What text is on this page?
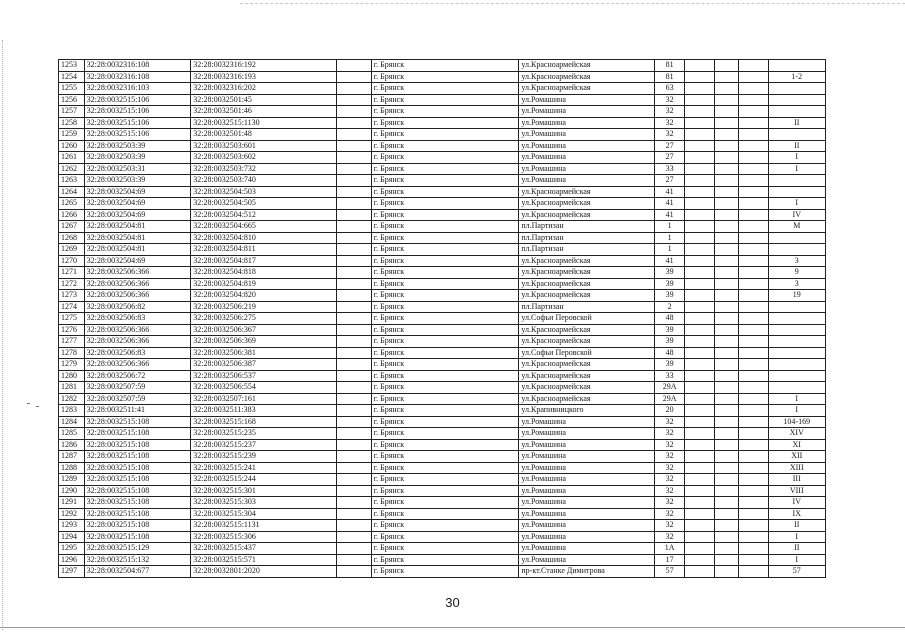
1253	32:28:0032316:108	32:28:0032316:192		г. Брянск	ул.Красноармейская	81				
1254	32:28:0032316:108	32:28:0032316:193		г. Брянск	ул.Красноармейская	81				1-2
1255	32:28:0032316:103	32:28:0032316:202		г. Брянск	ул.Красноармейская	63				
1256	32:28:0032515:106	32:28:0032501:45		г. Брянск	ул.Ромашина	32				
1257	32:28:0032515:106	32:28:0032501:46		г. Брянск	ул.Ромашина	32				
1258	32:28:0032515:106	32:28:0032515:1130		г. Брянск	ул.Ромашина	32				II
1259	32:28:0032515:106	32:28:0032501:48		г. Брянск	ул.Ромашина	32				
1260	32:28:0032503:39	32:28:0032503:601		г. Брянск	ул.Ромашина	27				II
1261	32:28:0032503:39	32:28:0032503:602		г. Брянск	ул.Ромашина	27				I
1262	32:28:0032503:31	32:28:0032503:732		г. Брянск	ул.Ромашина	33				I
1263	32:28:0032503:39	32:28:0032503:740		г. Брянск	ул.Ромашина	27				
1264	32:28:0032504:69	32:28:0032504:503		г. Брянск	ул.Красноармейская	41				
1265	32:28:0032504:69	32:28:0032504:505		г. Брянск	ул.Красноармейская	41				I
1266	32:28:0032504:69	32:28:0032504:512		г. Брянск	ул.Красноармейская	41				IV
1267	32:28:0032504:81	32:28:0032504:665		г. Брянск	пл.Партизан	1				М
1268	32:28:0032504:81	32:28:0032504:810		г. Брянск	пл.Партизан	1				
1269	32:28:0032504:81	32:28:0032504:811		г. Брянск	пл.Партизан	1				
1270	32:28:0032504:69	32:28:0032504:817		г. Брянск	ул.Красноармейская	41				3
1271	32:28:0032506:366	32:28:0032504:818		г. Брянск	ул.Красноармейская	39				9
1272	32:28:0032506:366	32:28:0032504:819		г. Брянск	ул.Красноармейская	39				3
1273	32:28:0032506:366	32:28:0032504:820		г. Брянск	ул.Красноармейская	39				19
1274	32:28:0032506:82	32:28:0032506:219		г. Брянск	пл.Партизан	2				
1275	32:28:0032506:83	32:28:0032506:275		г. Брянск	ул.Софьи Перовской	48				
1276	32:28:0032506:366	32:28:0032506:367		г. Брянск	ул.Красноармейская	39				
1277	32:28:0032506:366	32:28:0032506:369		г. Брянск	ул.Красноармейская	39				
1278	32:28:0032506:83	32:28:0032506:381		г. Брянск	ул.Софьи Перовской	48				
1279	32:28:0032506:366	32:28:0032506:387		г. Брянск	ул.Красноармейская	39				
1280	32:28:0032506:72	32:28:0032506:537		г. Брянск	ул.Красноармейская	33				
1281	32:28:0032507:59	32:28:0032506:554		г. Брянск	ул.Красноармейская	29А				
1282	32:28:0032507:59	32:28:0032507:161		г. Брянск	ул.Красноармейская	29А				I
1283	32:28:0032511:41	32:28:0032511:383		г. Брянск	ул.Крапивницкого	20				I
1284	32:28:0032515:108	32:28:0032515:168		г. Брянск	ул.Ромашина	32				104-169
1285	32:28:0032515:108	32:28:0032515:235		г. Брянск	ул.Ромашина	32				XIV
1286	32:28:0032515:108	32:28:0032515:237		г. Брянск	ул.Ромашина	32				XI
1287	32:28:0032515:108	32:28:0032515:239		г. Брянск	ул.Ромашина	32				XII
1288	32:28:0032515:108	32:28:0032515:241		г. Брянск	ул.Ромашина	32				XIII
1289	32:28:0032515:108	32:28:0032515:244		г. Брянск	ул.Ромашина	32				III
1290	32:28:0032515:108	32:28:0032515:301		г. Брянск	ул.Ромашина	32				VIII
1291	32:28:0032515:108	32:28:0032515:303		г. Брянск	ул.Ромашина	32				IV
1292	32:28:0032515:108	32:28:0032515:304		г. Брянск	ул.Ромашина	32				IX
1293	32:28:0032515:108	32:28:0032515:1131		г. Брянск	ул.Ромашина	32				II
1294	32:28:0032515:108	32:28:0032515:306		г. Брянск	ул.Ромашина	32				I
1295	32:28:0032515:129	32:28:0032515:437		г. Брянск	ул.Ромашина	1А				II
1296	32:28:0032515:132	32:28:0032515:571		г. Брянск	ул.Ромашина	17				I
1297	32:28:0032504:677	32:28:0032801:2020		г. Брянск	пр-кт.Станке Димитрова	57				57
30
